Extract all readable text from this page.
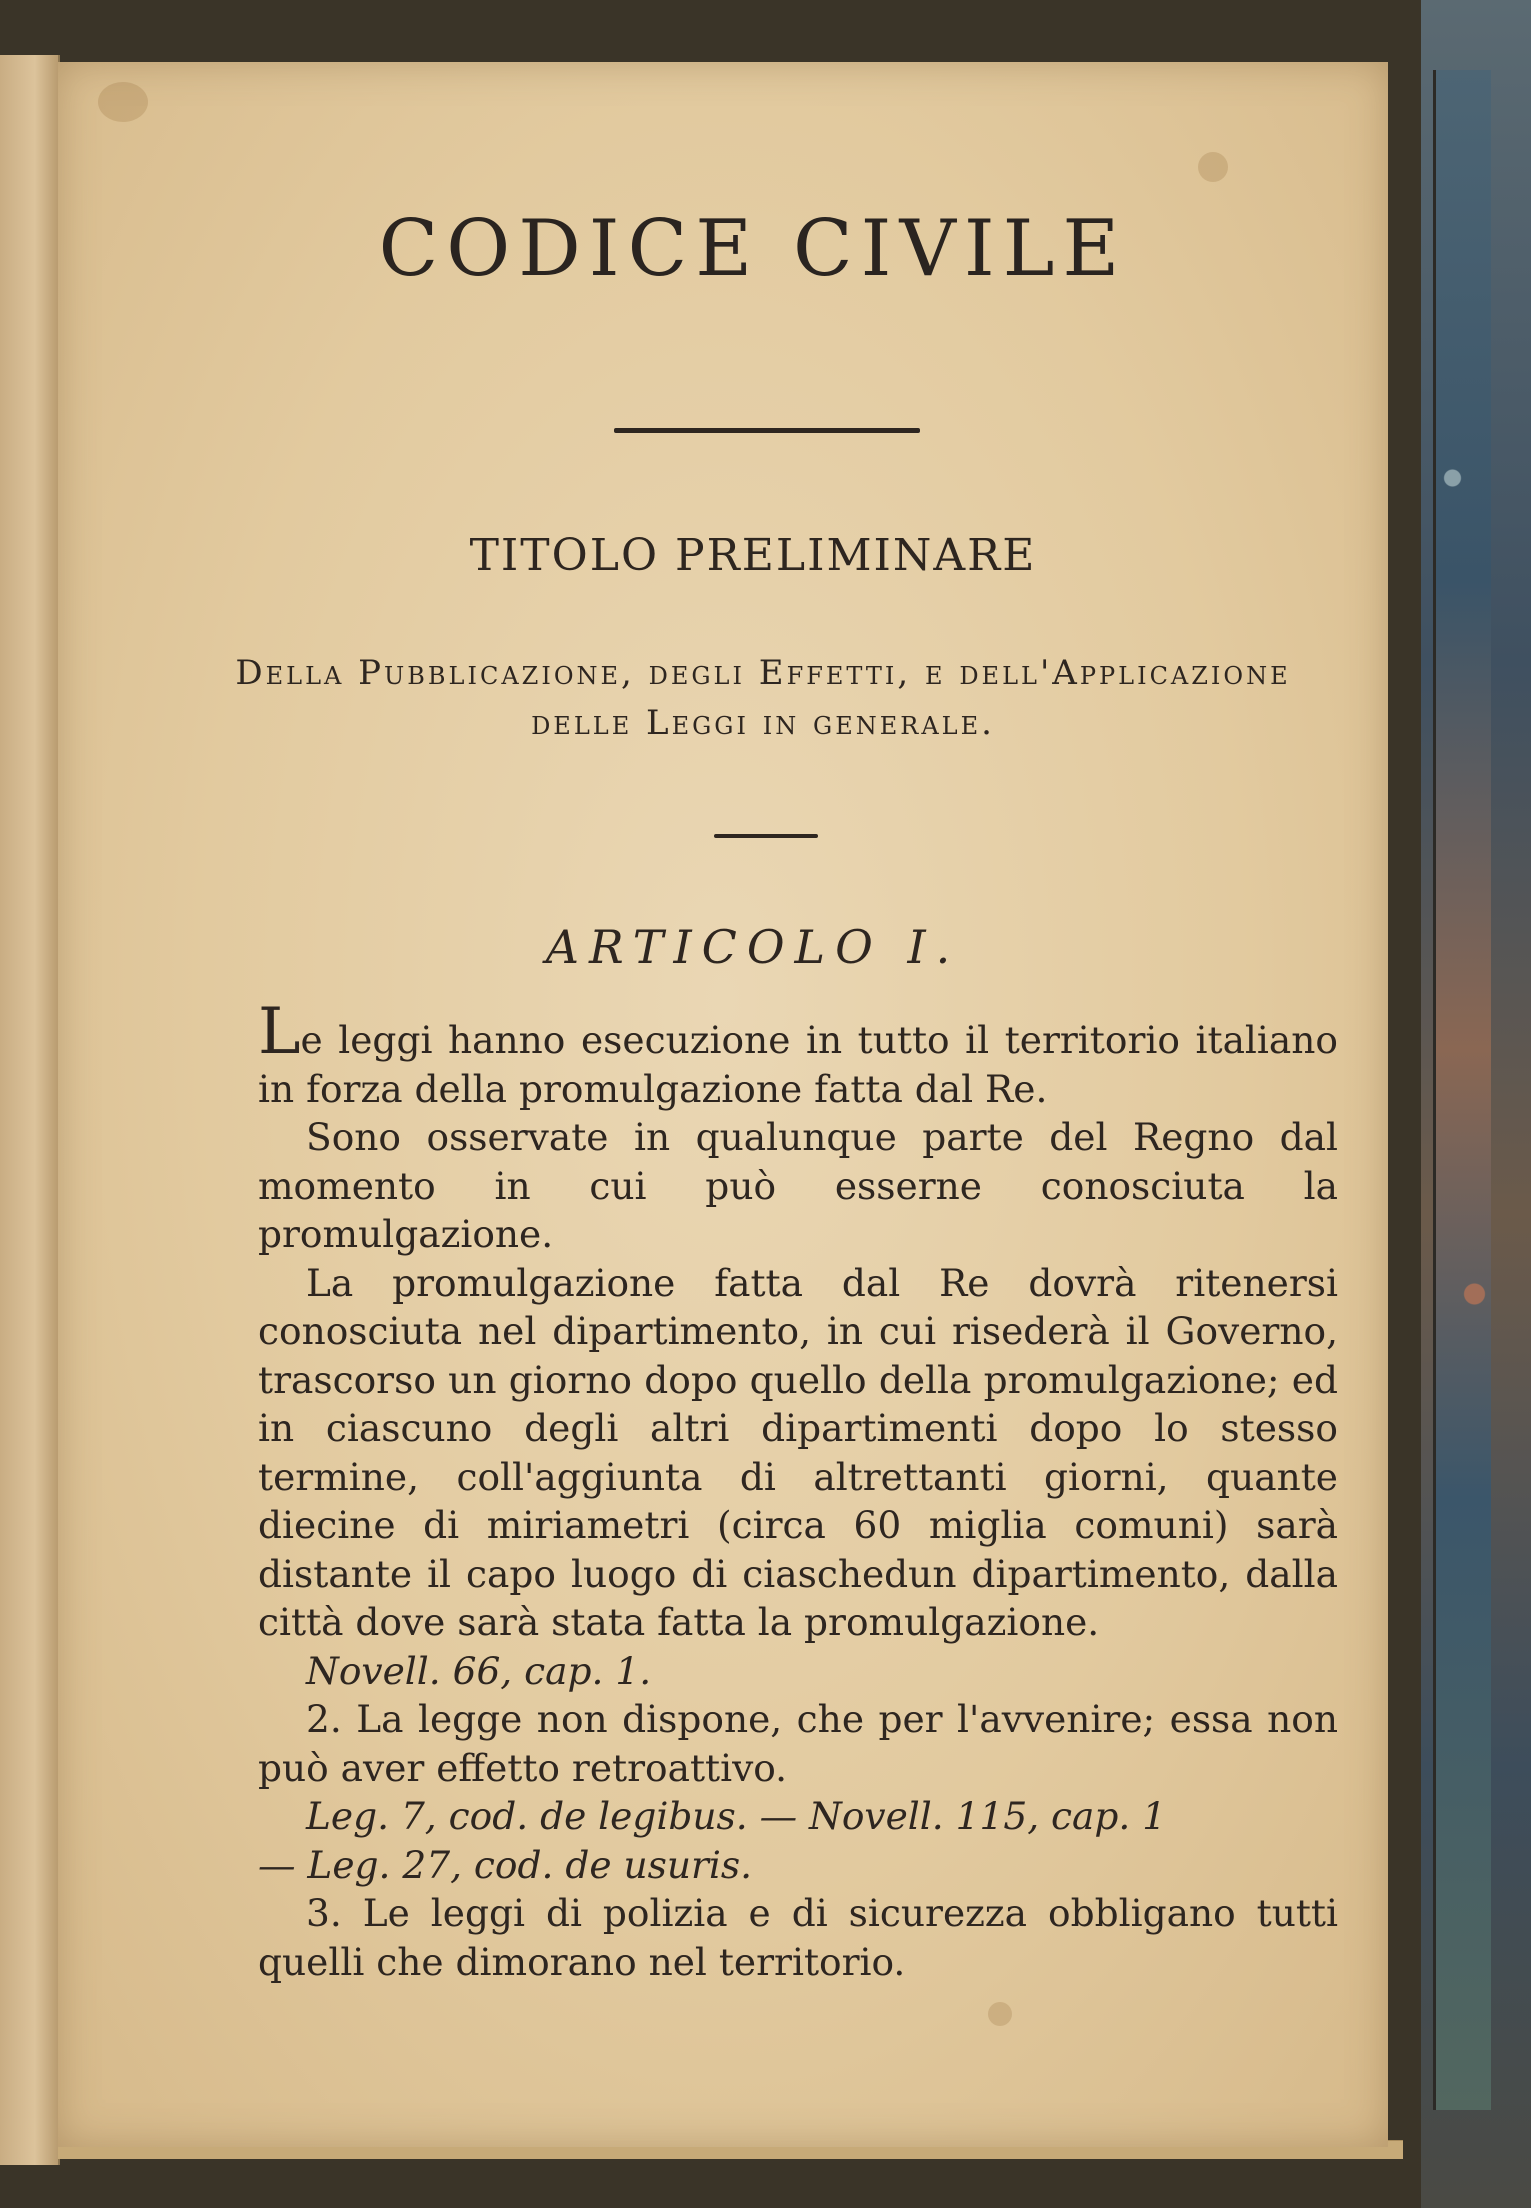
CODICE CIVILE
TITOLO PRELIMINARE
Della Pubblicazione, degli Effetti, e dell'Applicazione delle Leggi in generale.
ARTICOLO I.

Le leggi hanno esecuzione in tutto il territorio italiano in forza della promulgazione fatta dal Re.

Sono osservate in qualunque parte del Regno dal momento in cui può esserne conosciuta la promulgazione.

La promulgazione fatta dal Re dovrà ritenersi conosciuta nel dipartimento, in cui risederà il Governo, trascorso un giorno dopo quello della promulgazione; ed in ciascuno degli altri dipartimenti dopo lo stesso termine, coll'aggiunta di altrettanti giorni, quante diecine di miriametri (circa 60 miglia comuni) sarà distante il capo luogo di ciaschedun dipartimento, dalla città dove sarà stata fatta la promulgazione.

Novell. 66, cap. 1.

2. La legge non dispone, che per l'avvenire; essa non può aver effetto retroattivo.

Leg. 7, cod. de legibus. — Novell. 115, cap. 1

— Leg. 27, cod. de usuris.

3. Le leggi di polizia e di sicurezza obbligano tutti quelli che dimorano nel territorio.
